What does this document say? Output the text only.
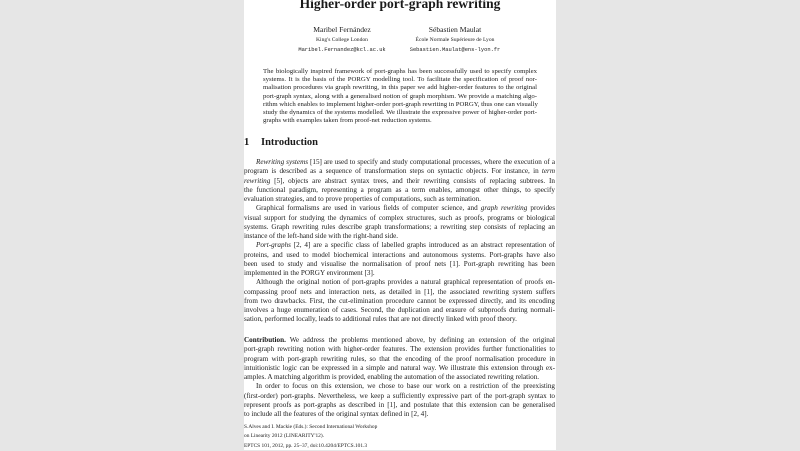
Higher-order port-graph rewriting
Maribel Fernández
King's College London
Maribel.Fernandez@kcl.ac.uk
Sébastien Maulat
École Normale Supérieure de Lyon
Sebastien.Maulat@ens-lyon.fr
The biologically inspired framework of port-graphs has been successfully used to specify complex
systems. It is the basis of the PORGY modelling tool. To facilitate the specification of proof nor-
malisation procedures via graph rewriting, in this paper we add higher-order features to the original
port-graph syntax, along with a generalised notion of graph morphism. We provide a matching algo-
rithm which enables to implement higher-order port-graph rewriting in PORGY, thus one can visually
study the dynamics of the systems modelled. We illustrate the expressive power of higher-order port-
graphs with examples taken from proof-net reduction systems.
1 Introduction
Rewriting systems [15] are used to specify and study computational processes, where the execution of a
program is described as a sequence of transformation steps on syntactic objects. For instance, in term
rewriting [5], objects are abstract syntax trees, and their rewriting consists of replacing subtrees. In
the functional paradigm, representing a program as a term enables, amongst other things, to specify
evaluation strategies, and to prove properties of computations, such as termination.
Graphical formalisms are used in various fields of computer science, and graph rewriting provides
visual support for studying the dynamics of complex structures, such as proofs, programs or biological
systems. Graph rewriting rules describe graph transformations; a rewriting step consists of replacing an
instance of the left-hand side with the right-hand side.
Port-graphs [2, 4] are a specific class of labelled graphs introduced as an abstract representation of
proteins, and used to model biochemical interactions and autonomous systems. Port-graphs have also
been used to study and visualise the normalisation of proof nets [1]. Port-graph rewriting has been
implemented in the PORGY environment [3].
Although the original notion of port-graphs provides a natural graphical representation of proofs en-
compassing proof nets and interaction nets, as detailed in [1], the associated rewriting system suffers
from two drawbacks. First, the cut-elimination procedure cannot be expressed directly, and its encoding
involves a huge enumeration of cases. Second, the duplication and erasure of subproofs during normali-
sation, performed locally, leads to additional rules that are not directly linked with proof theory.
Contribution. We address the problems mentioned above, by defining an extension of the original
port-graph rewriting notion with higher-order features. The extension provides further functionalities to
program with port-graph rewriting rules, so that the encoding of the proof normalisation procedure in
intuitionistic logic can be expressed in a simple and natural way. We illustrate this extension through ex-
amples. A matching algorithm is provided, enabling the automation of the associated rewriting relation.
In order to focus on this extension, we chose to base our work on a restriction of the preexisting
(first-order) port-graphs. Nevertheless, we keep a sufficiently expressive part of the port-graph syntax to
represent proofs as port-graphs as described in [1], and postulate that this extension can be generalised
to include all the features of the original syntax defined in [2, 4].
S.Alves and I. Mackie (Eds.): Second International Workshop
on Linearity 2012 (LINEARITY'12).
EPTCS 101, 2012, pp. 25–37, doi:10.4204/EPTCS.101.3
